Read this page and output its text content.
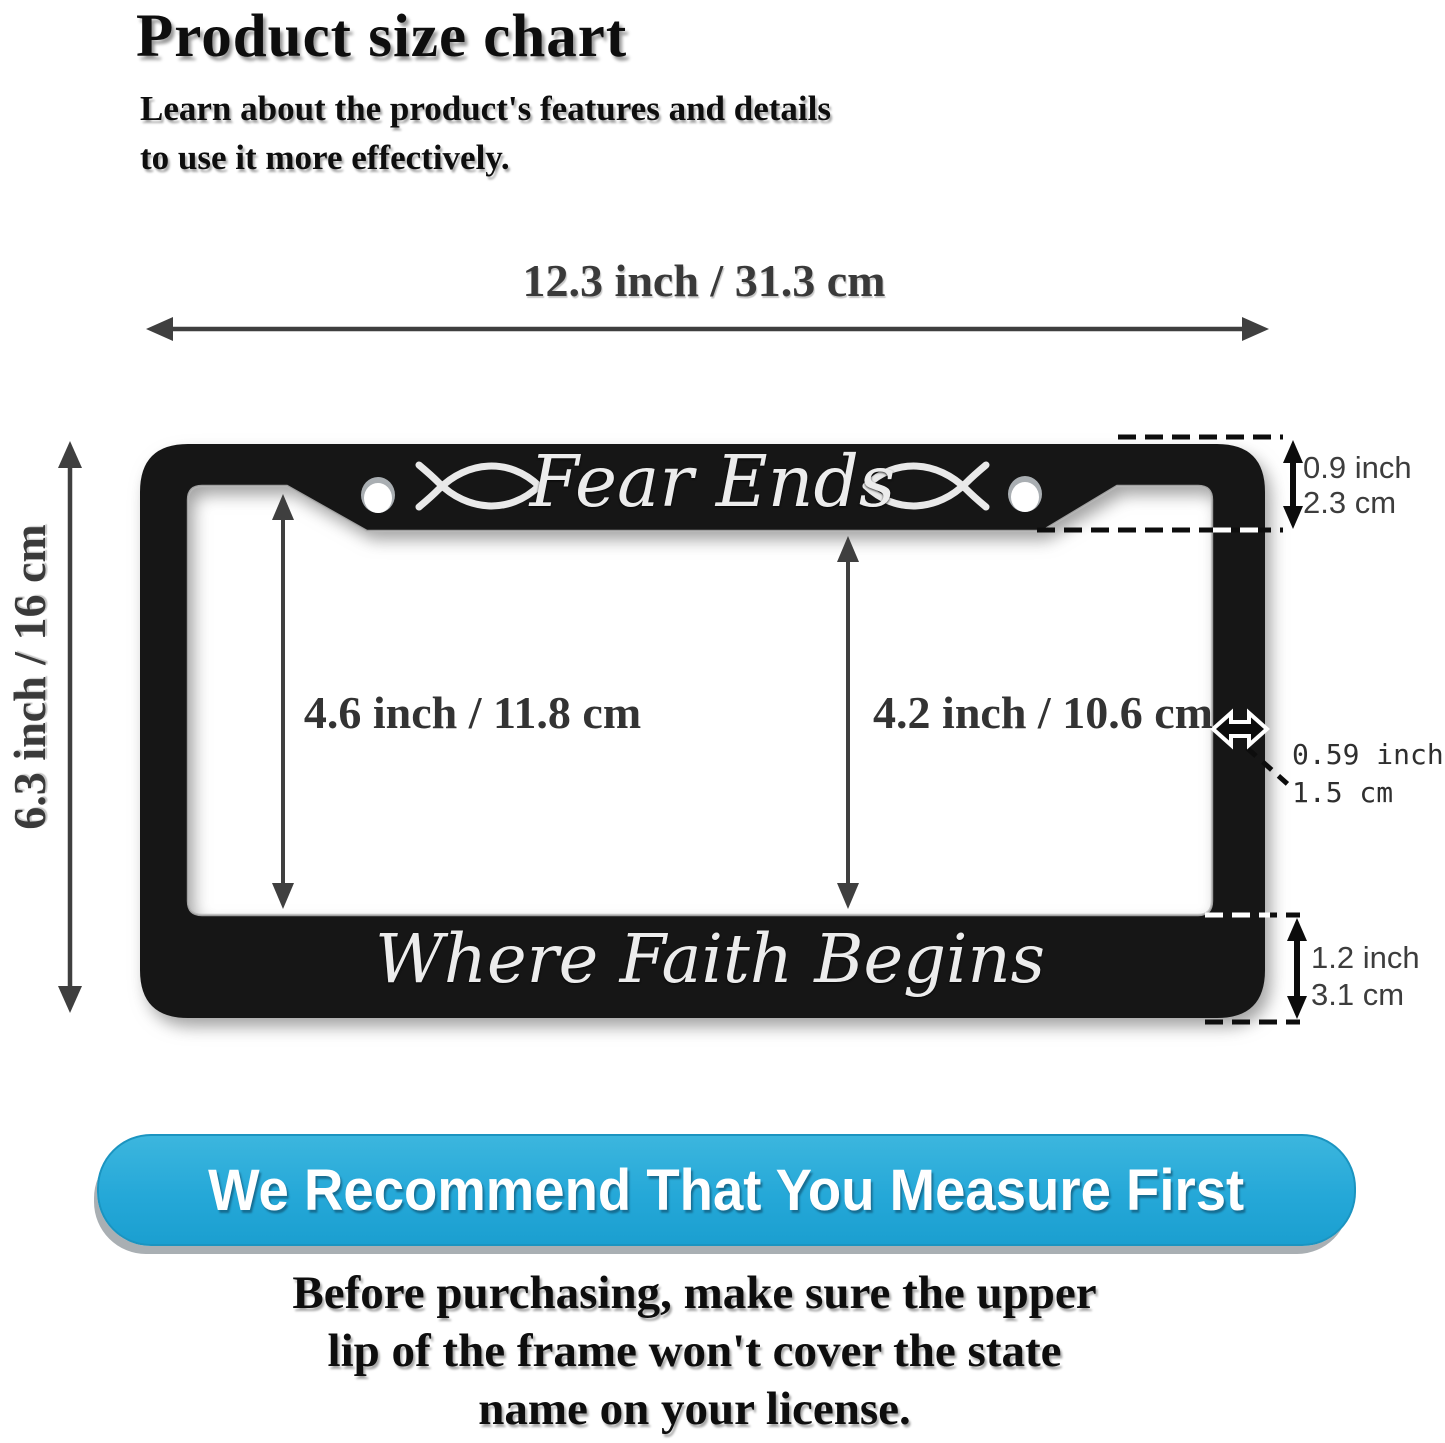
Product size chart
Learn about the product's features and details
to use it more effectively.
12.3 inch / 31.3 cm
6.3 inch / 16 cm
Fear Ends
Where Faith Begins
4.6 inch / 11.8 cm	4.2 inch / 10.6 cm
0.9 inch
2.3 cm
0.59 inch
1.5 cm
1.2 inch
3.1 cm
We Recommend That You Measure First
Before purchasing, make sure the upper
lip of the frame won't cover the state
name on your license.
